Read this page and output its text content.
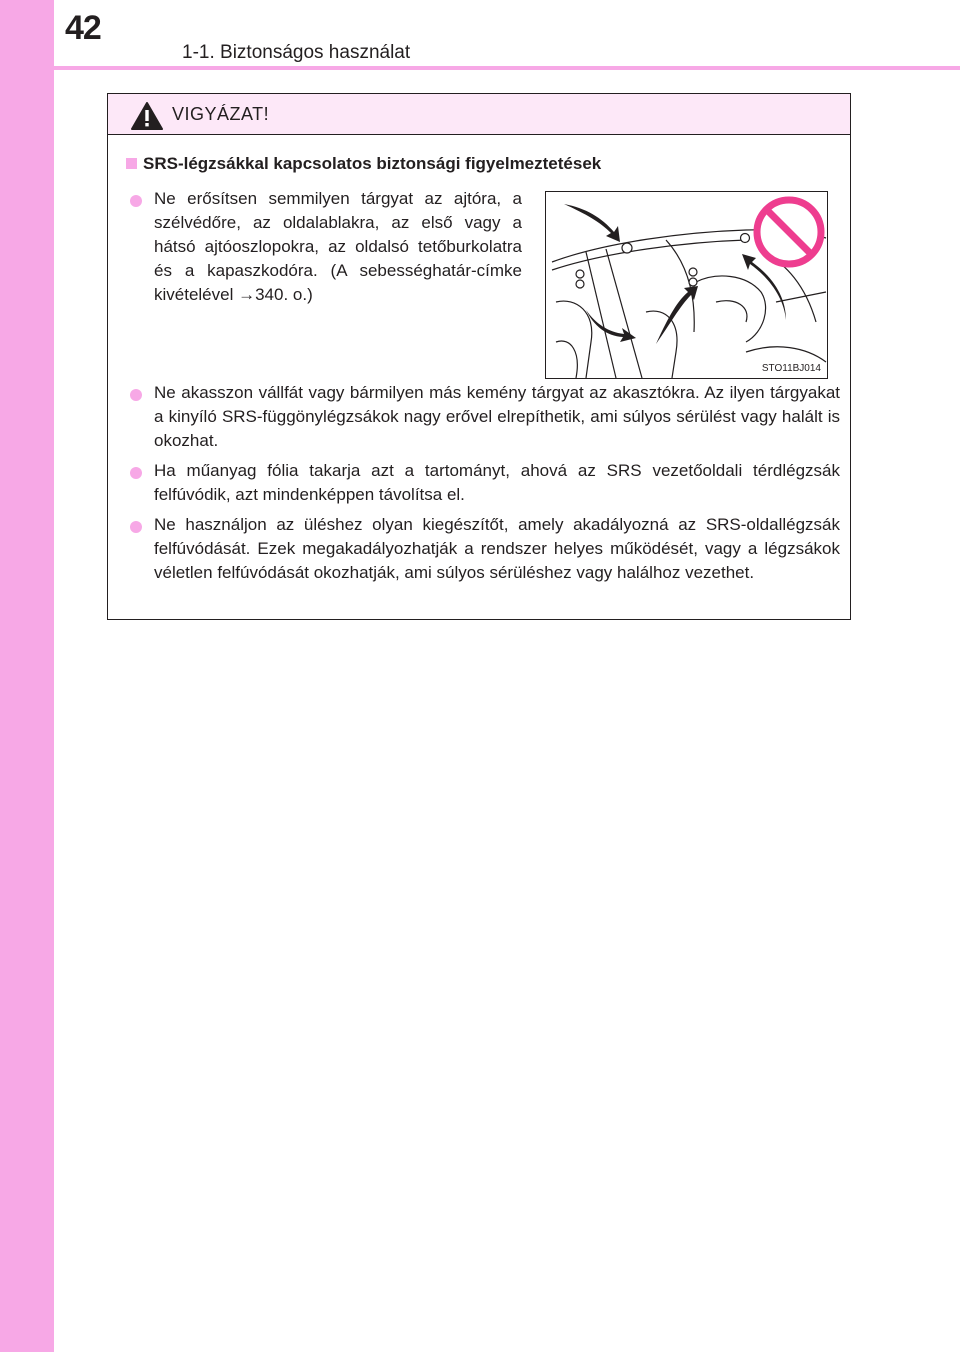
42
1-1. Biztonságos használat
VIGYÁZAT!
SRS-légzsákkal kapcsolatos biztonsági figyelmeztetések
Ne erősítsen semmilyen tárgyat az ajtóra, a szélvédőre, az oldalablakra, az első vagy a hátsó ajtóoszlopokra, az oldalsó tetőburkolatra és a kapaszkodóra. (A sebességhatár-címke kivételével →340. o.)
STO11BJ014
Ne akasszon vállfát vagy bármilyen más kemény tárgyat az akasztókra. Az ilyen tárgyakat a kinyíló SRS-függönylégzsákok nagy erővel elrepíthetik, ami súlyos sérülést vagy halált is okozhat.
Ha műanyag fólia takarja azt a tartományt, ahová az SRS vezetőoldali térdlégzsák felfúvódik, azt mindenképpen távolítsa el.
Ne használjon az üléshez olyan kiegészítőt, amely akadályozná az SRS-oldallégzsák felfúvódását. Ezek megakadályozhatják a rendszer helyes működését, vagy a légzsákok véletlen felfúvódását okozhatják, ami súlyos sérüléshez vagy halálhoz vezethet.
